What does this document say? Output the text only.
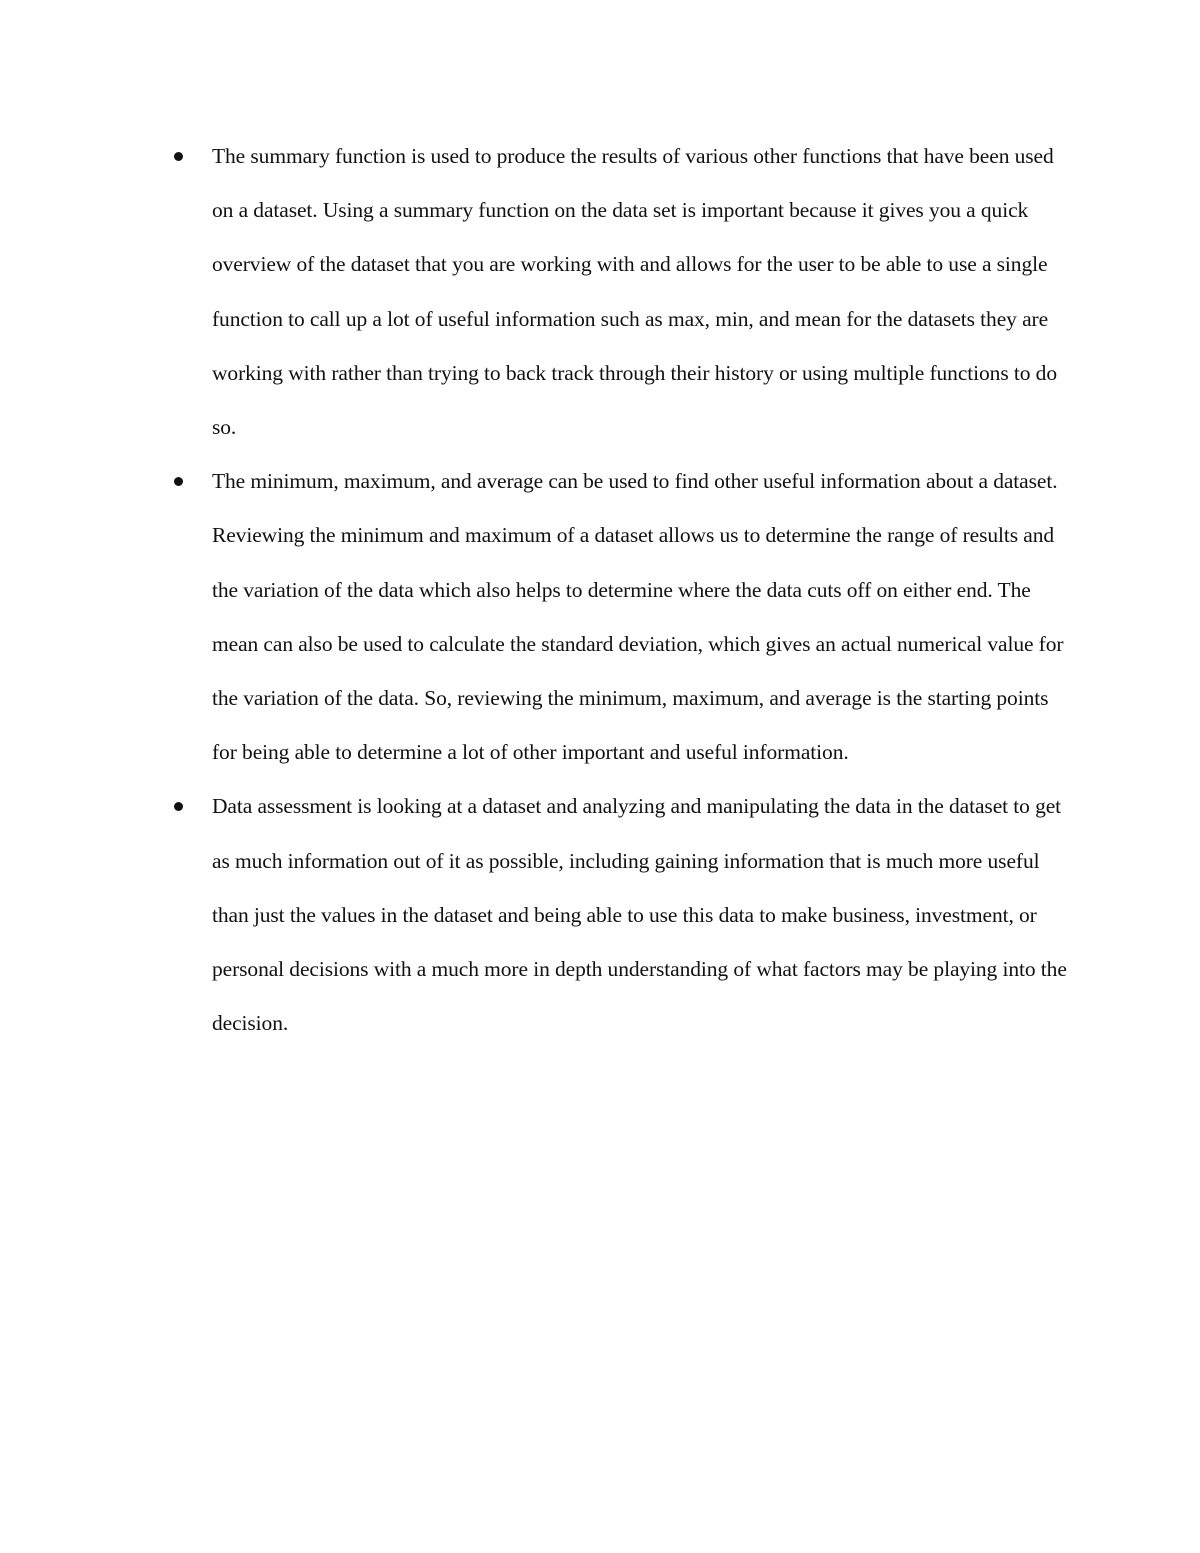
The summary function is used to produce the results of various other functions that have been used on a dataset. Using a summary function on the data set is important because it gives you a quick overview of the dataset that you are working with and allows for the user to be able to use a single function to call up a lot of useful information such as max, min, and mean for the datasets they are working with rather than trying to back track through their history or using multiple functions to do so.

The minimum, maximum, and average can be used to find other useful information about a dataset. Reviewing the minimum and maximum of a dataset allows us to determine the range of results and the variation of the data which also helps to determine where the data cuts off on either end. The mean can also be used to calculate the standard deviation, which gives an actual numerical value for the variation of the data. So, reviewing the minimum, maximum, and average is the starting points for being able to determine a lot of other important and useful information.

Data assessment is looking at a dataset and analyzing and manipulating the data in the dataset to get as much information out of it as possible, including gaining information that is much more useful than just the values in the dataset and being able to use this data to make business, investment, or personal decisions with a much more in depth understanding of what factors may be playing into the decision.
